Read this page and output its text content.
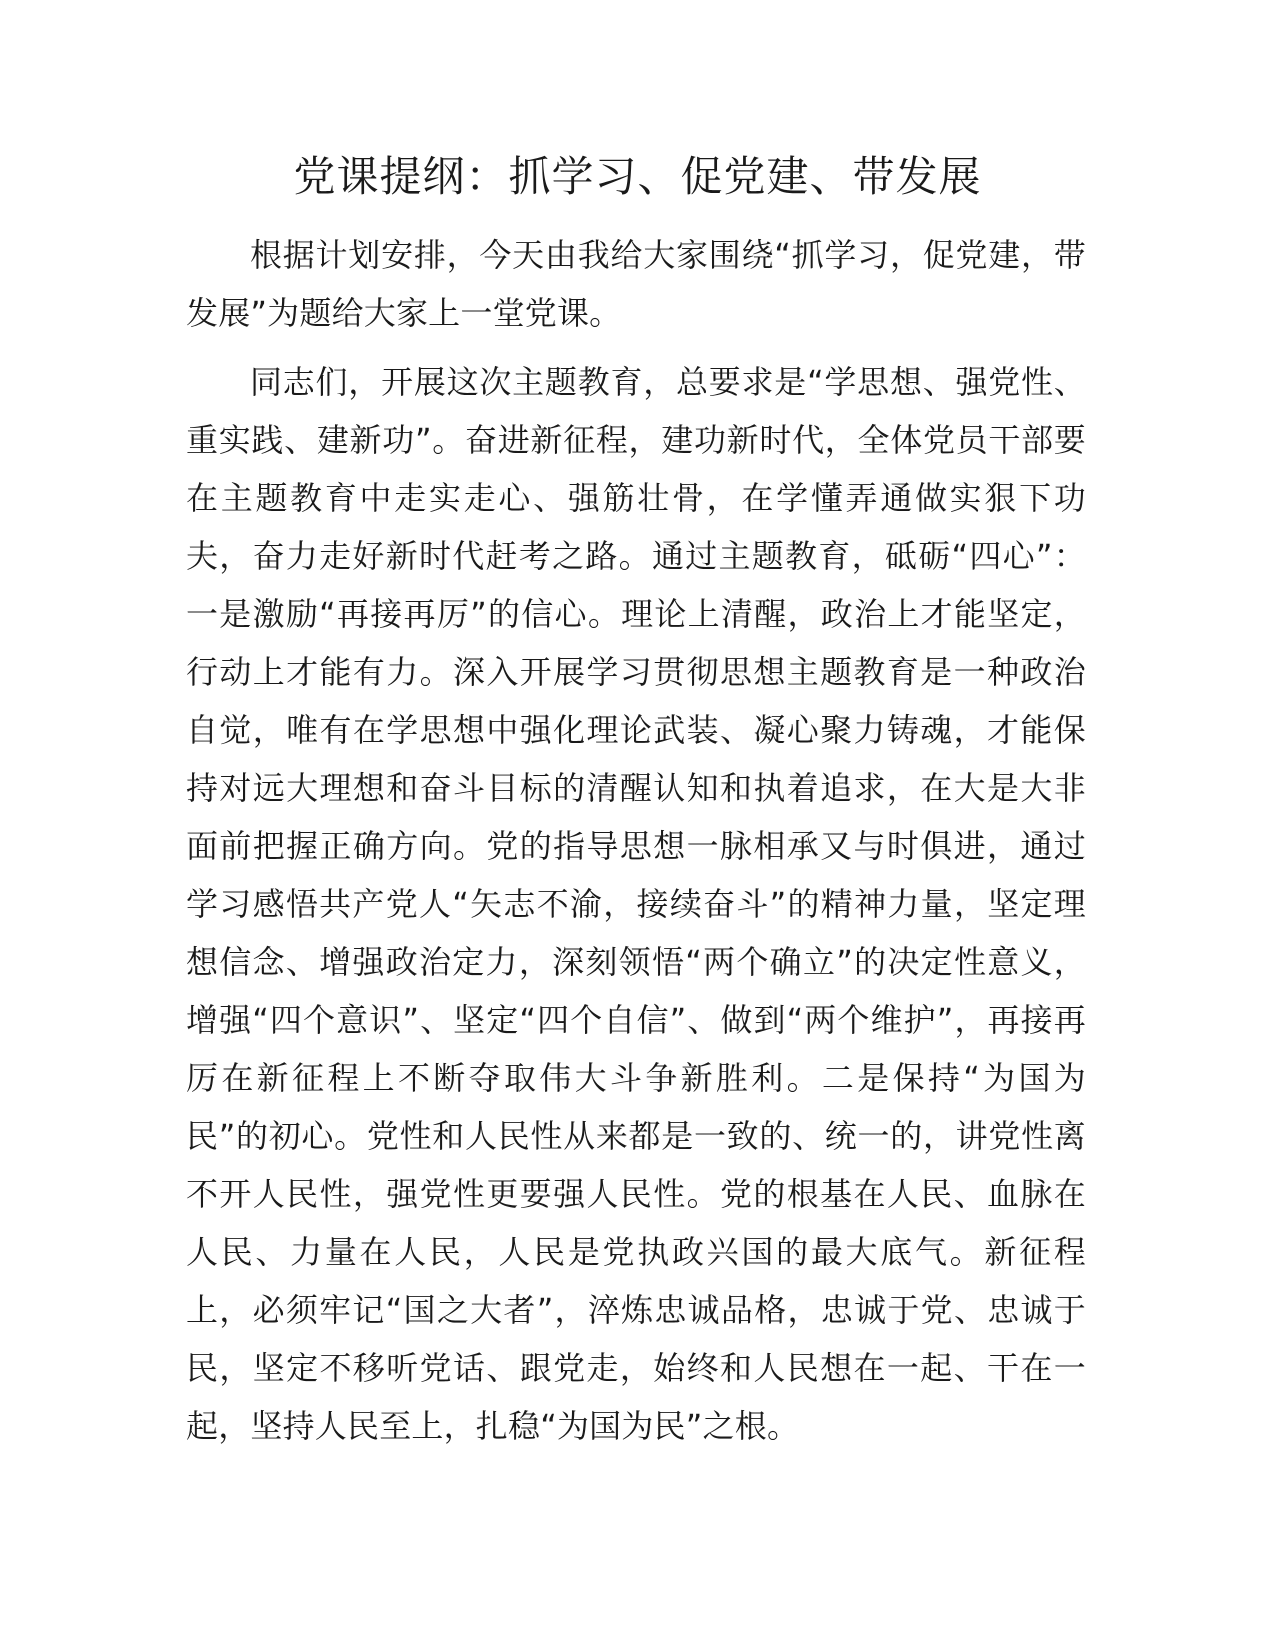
党课提纲：抓学习、促党建、带发展

根据计划安排，今天由我给大家围绕“抓学习，促党建，带发展”为题给大家上一堂党课。

同志们，开展这次主题教育，总要求是“学思想、强党性、重实践、建新功”。奋进新征程，建功新时代，全体党员干部要在主题教育中走实走心、强筋壮骨，在学懂弄通做实狠下功夫，奋力走好新时代赶考之路。通过主题教育，砥砺“四心”：一是激励“再接再厉”的信心。理论上清醒，政治上才能坚定，行动上才能有力。深入开展学习贯彻思想主题教育是一种政治自觉，唯有在学思想中强化理论武装、凝心聚力铸魂，才能保持对远大理想和奋斗目标的清醒认知和执着追求，在大是大非面前把握正确方向。党的指导思想一脉相承又与时俱进，通过学习感悟共产党人“矢志不渝，接续奋斗”的精神力量，坚定理想信念、增强政治定力，深刻领悟“两个确立”的决定性意义，增强“四个意识”、坚定“四个自信”、做到“两个维护”，再接再厉在新征程上不断夺取伟大斗争新胜利。二是保持“为国为民”的初心。党性和人民性从来都是一致的、统一的，讲党性离不开人民性，强党性更要强人民性。党的根基在人民、血脉在人民、力量在人民，人民是党执政兴国的最大底气。新征程上，必须牢记“国之大者”，淬炼忠诚品格，忠诚于党、忠诚于民，坚定不移听党话、跟党走，始终和人民想在一起、干在一起，坚持人民至上，扎稳“为国为民”之根。
